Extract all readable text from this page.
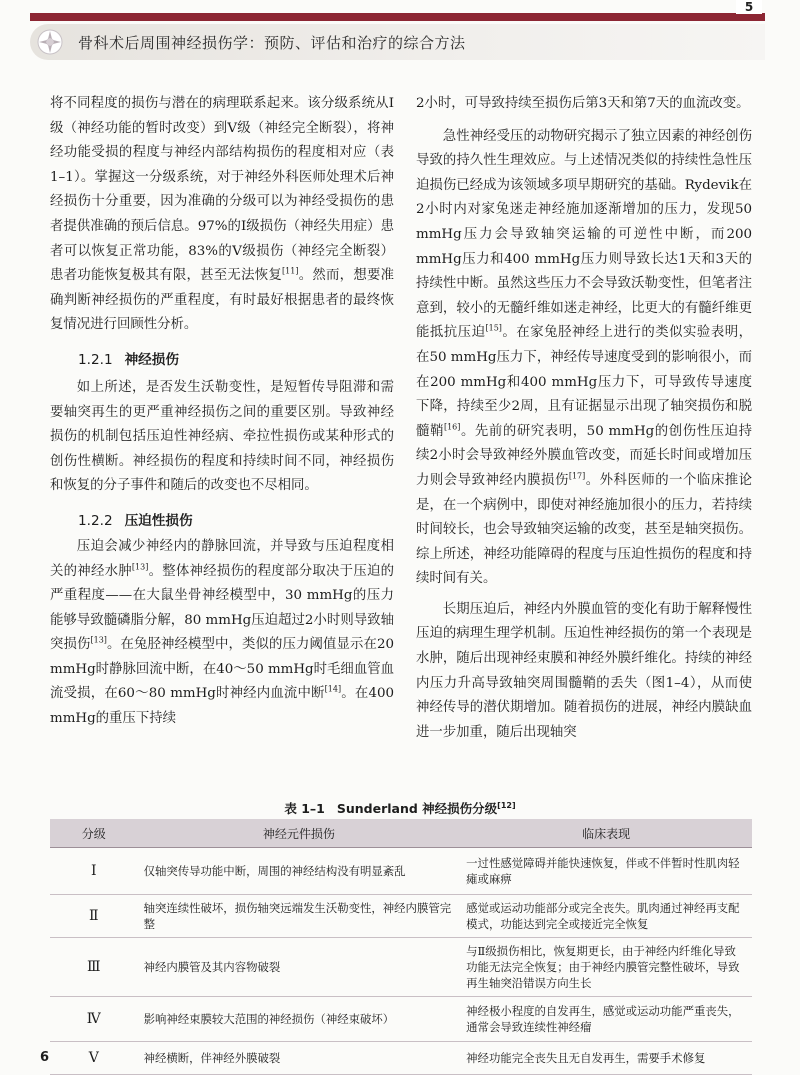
5
骨科术后周围神经损伤学：预防、评估和治疗的综合方法

将不同程度的损伤与潜在的病理联系起来。该分级系统从Ⅰ级（神经功能的暂时改变）到Ⅴ级（神经完全断裂），将神经功能受损的程度与神经内部结构损伤的程度相对应（表1–1）。掌握这一分级系统，对于神经外科医师处理术后神经损伤十分重要，因为准确的分级可以为神经受损伤的患者提供准确的预后信息。97%的Ⅰ级损伤（神经失用症）患者可以恢复正常功能，83%的Ⅴ级损伤（神经完全断裂）患者功能恢复极其有限，甚至无法恢复[11]。然而，想要准确判断神经损伤的严重程度，有时最好根据患者的最终恢复情况进行回顾性分析。

1.2.1 神经损伤

如上所述，是否发生沃勒变性，是短暂传导阻滞和需要轴突再生的更严重神经损伤之间的重要区别。导致神经损伤的机制包括压迫性神经病、牵拉性损伤或某种形式的创伤性横断。神经损伤的程度和持续时间不同，神经损伤和恢复的分子事件和随后的改变也不尽相同。

1.2.2 压迫性损伤

压迫会减少神经内的静脉回流，并导致与压迫程度相关的神经水肿[13]。整体神经损伤的程度部分取决于压迫的严重程度——在大鼠坐骨神经模型中，30 mmHg的压力能够导致髓磷脂分解，80 mmHg压迫超过2小时则导致轴突损伤[13]。在兔胫神经模型中，类似的压力阈值显示在20 mmHg时静脉回流中断，在40～50 mmHg时毛细血管血流受损，在60～80 mmHg时神经内血流中断[14]。在400 mmHg的重压下持续

2小时，可导致持续至损伤后第3天和第7天的血流改变。

急性神经受压的动物研究揭示了独立因素的神经创伤导致的持久性生理效应。与上述情况类似的持续性急性压迫损伤已经成为该领域多项早期研究的基础。Rydevik在2小时内对家兔迷走神经施加逐渐增加的压力，发现50 mmHg压力会导致轴突运输的可逆性中断，而200 mmHg压力和400 mmHg压力则导致长达1天和3天的持续性中断。虽然这些压力不会导致沃勒变性，但笔者注意到，较小的无髓纤维如迷走神经，比更大的有髓纤维更能抵抗压迫[15]。在家兔胫神经上进行的类似实验表明，在50 mmHg压力下，神经传导速度受到的影响很小，而在200 mmHg和400 mmHg压力下，可导致传导速度下降，持续至少2周，且有证据显示出现了轴突损伤和脱髓鞘[16]。先前的研究表明，50 mmHg的创伤性压迫持续2小时会导致神经外膜血管改变，而延长时间或增加压力则会导致神经内膜损伤[17]。外科医师的一个临床推论是，在一个病例中，即使对神经施加很小的压力，若持续时间较长，也会导致轴突运输的改变，甚至是轴突损伤。综上所述，神经功能障碍的程度与压迫性损伤的程度和持续时间有关。

长期压迫后，神经内外膜血管的变化有助于解释慢性压迫的病理生理学机制。压迫性神经损伤的第一个表现是水肿，随后出现神经束膜和神经外膜纤维化。持续的神经内压力升高导致轴突周围髓鞘的丢失（图1–4），从而使神经传导的潜伏期增加。随着损伤的进展，神经内膜缺血进一步加重，随后出现轴突

表 1–1 Sunderland 神经损伤分级[12]
分级	神经元件损伤	临床表现
Ⅰ	仅轴突传导功能中断，周围的神经结构没有明显紊乱	一过性感觉障碍并能快速恢复，伴或不伴暂时性肌肉轻瘫或麻痹
Ⅱ	轴突连续性破坏，损伤轴突远端发生沃勒变性，神经内膜管完整	感觉或运动功能部分或完全丧失。肌肉通过神经再支配模式，功能达到完全或接近完全恢复
Ⅲ	神经内膜管及其内容物破裂	与Ⅱ级损伤相比，恢复期更长，由于神经内纤维化导致功能无法完全恢复；由于神经内膜管完整性破坏，导致再生轴突沿错误方向生长
Ⅳ	影响神经束膜较大范围的神经损伤（神经束破坏）	神经极小程度的自发再生，感觉或运动功能严重丧失，通常会导致连续性神经瘤
Ⅴ	神经横断，伴神经外膜破裂	神经功能完全丧失且无自发再生，需要手术修复
6
